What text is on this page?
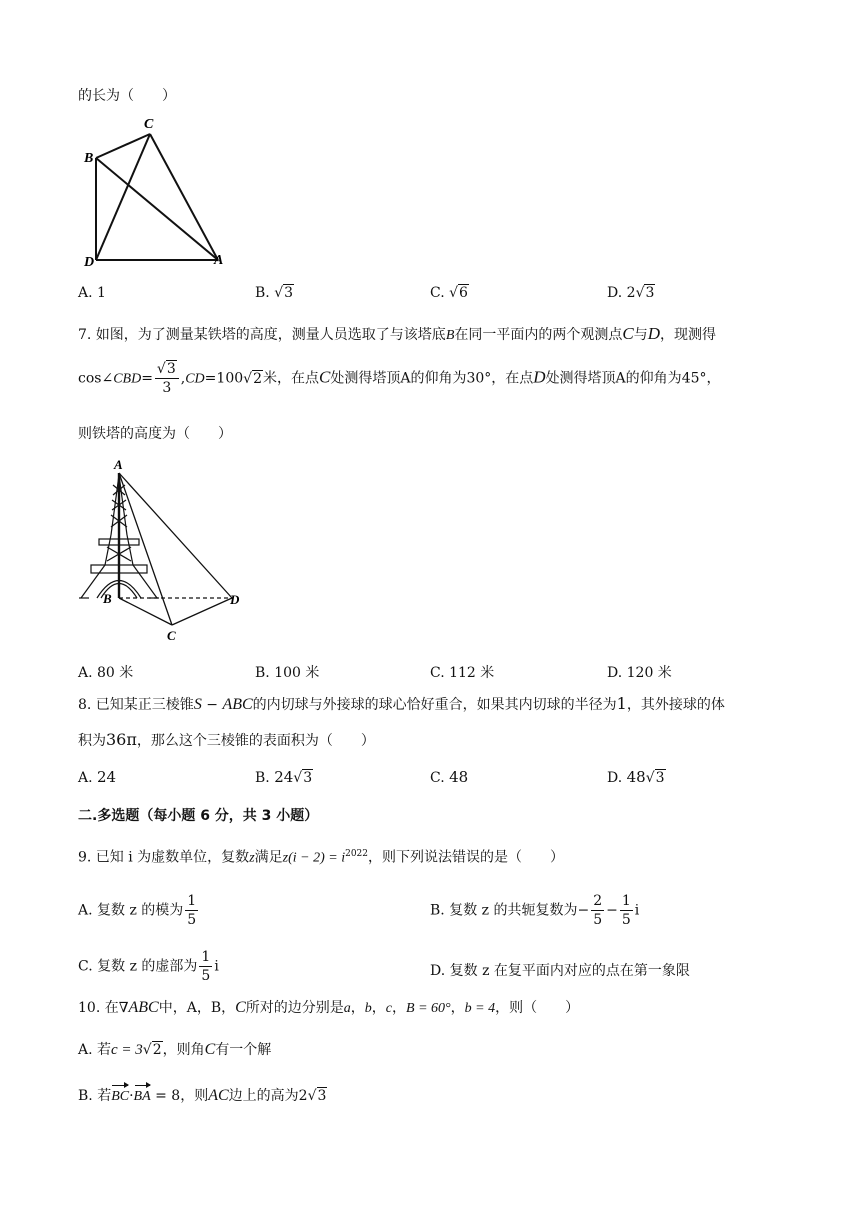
的长为（　　）
B
C
D	A
A. 1	B. √3	C. √6	D. 2√3
7. 如图，为了测量某铁塔的高度，测量人员选取了与该塔底B在同一平面内的两个观测点C与D，现测得
cos∠CBD= $\frac{√3}{3} ,CD=100√2$米，在点C处测得塔顶A的仰角为30°，在点D处测得塔顶A的仰角为45°，
则铁塔的高度为（　　）
A
B
C
D
A. 80 米	B. 100 米	C. 112 米	D. 120 米
8. 已知某正三棱锥S − ABC的内切球与外接球的球心恰好重合，如果其内切球的半径为1，其外接球的体
积为36π，那么这个三棱锥的表面积为（　　）
A. 24	B. 24√3	C. 48	D. 48√3
二.多选题（每小题 6 分，共 3 小题）
9. 已知 i 为虚数单位，复数z满足$z(i - 2) = i^{2022}$，则下列说法错误的是（　　）
A. 复数 z 的模为 $\frac{1}{5}$	B. 复数 z 的共轭复数为− $\frac{2}{5} - \frac{1}{5}$ i
C. 复数 z 的虚部为 $\frac{1}{5}$ i	D. 复数 z 在复平面内对应的点在第一象限
10. 在∇ABC中，A，B，C所对的边分别是a，b，c，B = 60°，b = 4，则（　　）
A. 若c = 3√2，则角C有一个解
B. 若BC·BA = 8，则AC边上的高为2√3
